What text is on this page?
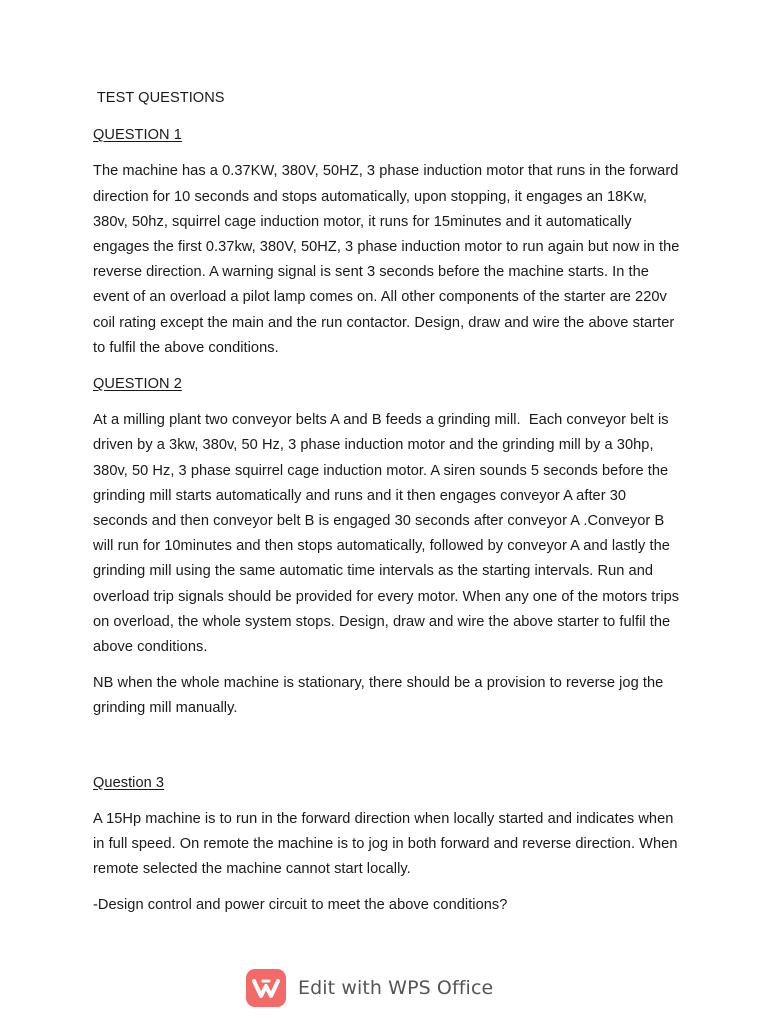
TEST QUESTIONS

QUESTION 1

The machine has a 0.37KW, 380V, 50HZ, 3 phase induction motor that runs in the forward direction for 10 seconds and stops automatically, upon stopping, it engages an 18Kw, 380v, 50hz, squirrel cage induction motor, it runs for 15minutes and it automatically engages the first 0.37kw, 380V, 50HZ, 3 phase induction motor to run again but now in the reverse direction. A warning signal is sent 3 seconds before the machine starts. In the event of an overload a pilot lamp comes on. All other components of the starter are 220v coil rating except the main and the run contactor. Design, draw and wire the above starter to fulfil the above conditions.

QUESTION 2

At a milling plant two conveyor belts A and B feeds a grinding mill.  Each conveyor belt is driven by a 3kw, 380v, 50 Hz, 3 phase induction motor and the grinding mill by a 30hp, 380v, 50 Hz, 3 phase squirrel cage induction motor. A siren sounds 5 seconds before the grinding mill starts automatically and runs and it then engages conveyor A after 30 seconds and then conveyor belt B is engaged 30 seconds after conveyor A .Conveyor B will run for 10minutes and then stops automatically, followed by conveyor A and lastly the grinding mill using the same automatic time intervals as the starting intervals. Run and overload trip signals should be provided for every motor. When any one of the motors trips on overload, the whole system stops. Design, draw and wire the above starter to fulfil the above conditions.

NB when the whole machine is stationary, there should be a provision to reverse jog the grinding mill manually.

Question 3

A 15Hp machine is to run in the forward direction when locally started and indicates when in full speed. On remote the machine is to jog in both forward and reverse direction. When remote selected the machine cannot start locally.

-Design control and power circuit to meet the above conditions?

Edit with WPS Office
